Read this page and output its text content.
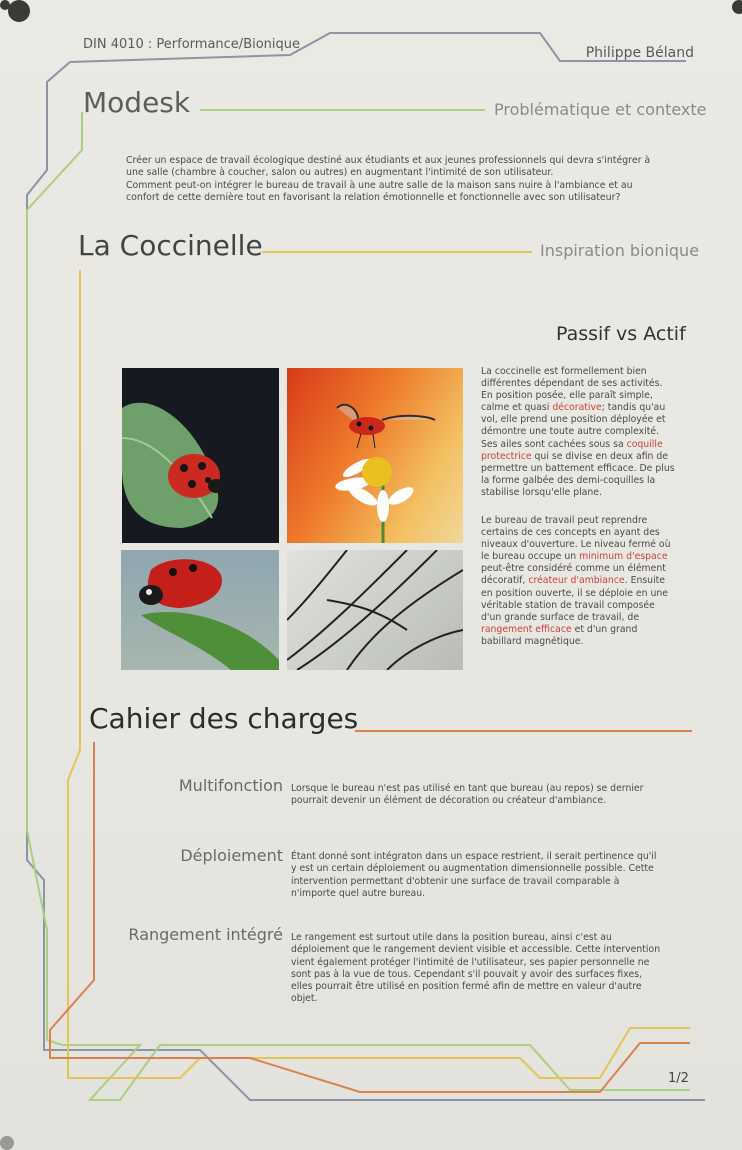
DIN 4010 : Performance/Bionique

Philippe Béland

Modesk	Problématique et contexte

Créer un espace de travail écologique destiné aux étudiants et aux jeunes professionnels qui devra s'intégrer à une salle (chambre à coucher, salon ou autres) en augmentant l'intimité de son utilisateur.

Comment peut-on intégrer le bureau de travail à une autre salle de la maison sans nuire à l'ambiance et au confort de cette dernière tout en favorisant la relation émotionnelle et fonctionnelle avec son utilisateur?

La Coccinelle	Inspiration bionique

Passif vs Actif

La coccinelle est formellement bien différentes dépendant de ses activités. En position posée, elle paraît simple, calme et quasi décorative; tandis qu'au vol, elle prend une position déployée et démontre une toute autre complexité. Ses ailes sont cachées sous sa coquille protectrice qui se divise en deux afin de permettre un battement efficace. De plus la forme galbée des demi-coquilles la stabilise lorsqu'elle plane.

Le bureau de travail peut reprendre certains de ces concepts en ayant des niveaux d'ouverture. Le niveau fermé où le bureau occupe un minimum d'espace peut-être considéré comme un élément décoratif, créateur d'ambiance. Ensuite en position ouverte, il se déploie en une véritable station de travail composée d'un grande surface de travail, de rangement efficace et d'un grand babillard magnétique.

Cahier des charges

Multifonction Lorsque le bureau n'est pas utilisé en tant que bureau (au repos) se dernier pourrait devenir un élément de décoration ou créateur d'ambiance.

Déploiement Étant donné sont intégraton dans un espace restrient, il serait pertinence qu'il y est un certain déploiement ou augmentation dimensionnelle possible. Cette intervention permettant d'obtenir une surface de travail comparable à n'importe quel autre bureau.

Rangement intégré Le rangement est surtout utile dans la position bureau, ainsi c'est au déploiement que le rangement devient visible et accessible. Cette intervention vient également protéger l'intimité de l'utilisateur, ses papier personnelle ne sont pas à la vue de tous. Cependant s'il pouvait y avoir des surfaces fixes, elles pourrait être utilisé en position fermé afin de mettre en valeur d'autre objet.

1/2
